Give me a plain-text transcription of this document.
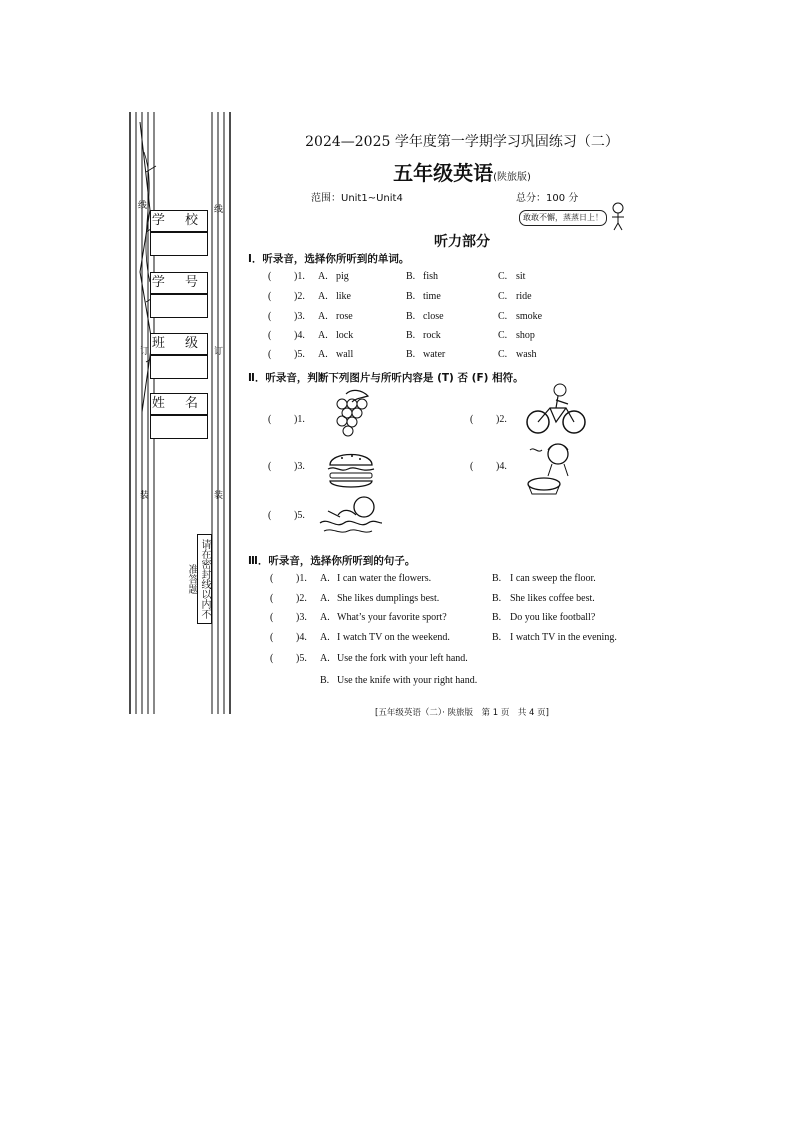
学 校
学 号
班 级
姓 名
线	线
订	订
装	装
请在密封线以内不准答题
2024—2025 学年度第一学期学习巩固练习（二）
五年级英语(陕旅版)
范围：Unit1~Unit4	总分：100 分
敢敢不懈，蒸蒸日上！
听力部分
Ⅰ．听录音，选择你所听到的单词。
( )1. A. pig	B. fish	C. sit
( )2. A. like	B. time	C. ride
( )3. A. rose	B. close	C. smoke
( )4. A. lock	B. rock	C. shop
( )5. A. wall	B. water	C. wash
Ⅱ．听录音，判断下列图片与所听内容是 (T) 否 (F) 相符。
( )1.	( )2.
( )3.	( )4.
( )5.
Ⅲ．听录音，选择你所听到的句子。
( )1. A. I can water the flowers.	B. I can sweep the floor.
( )2. A. She likes dumplings best.	B. She likes coffee best.
( )3. A. What’s your favorite sport?	B. Do you like football?
( )4. A. I watch TV on the weekend.	B. I watch TV in the evening.
( )5. A. Use the fork with your left hand.
B. Use the knife with your right hand.
[五年级英语（二）· 陕旅版　第 1 页　共 4 页]
